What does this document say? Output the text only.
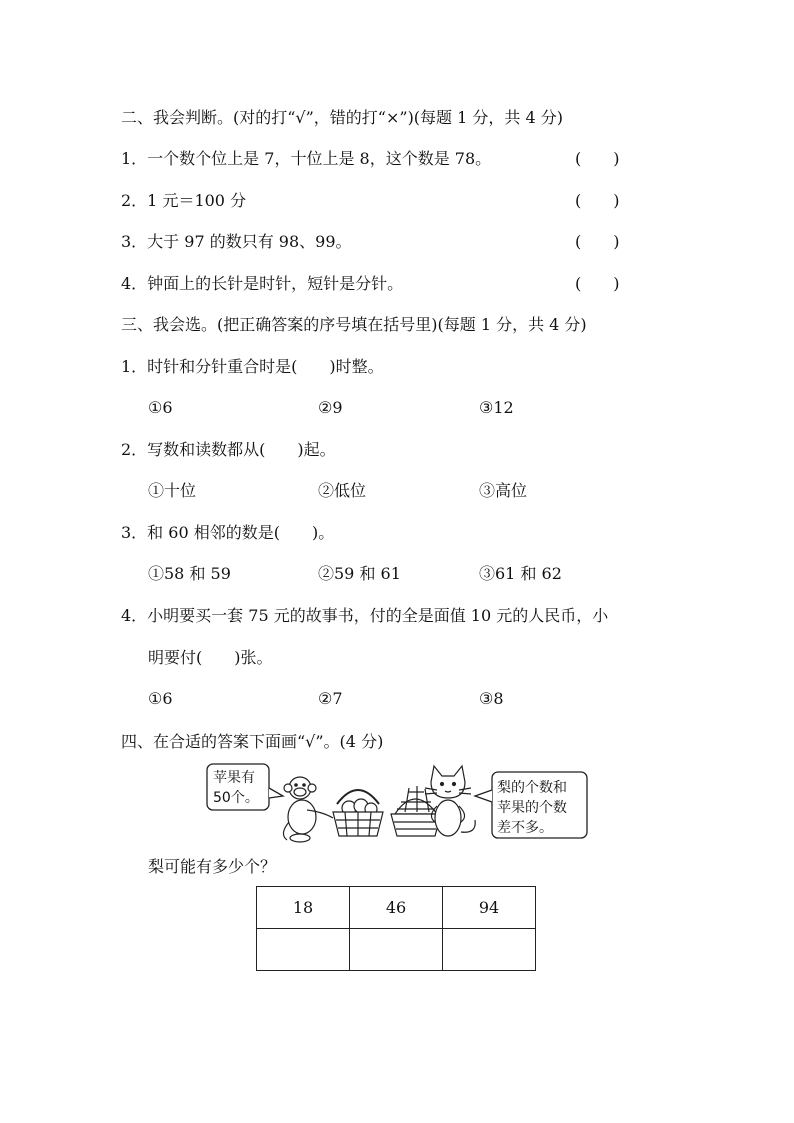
二、我会判断。(对的打“√”，错的打“×”)(每题 1 分，共 4 分)
1．一个数个位上是 7，十位上是 8，这个数是 78。	(　　)
2．1 元＝100 分	(　　)
3．大于 97 的数只有 98、99。	(　　)
4．钟面上的长针是时针，短针是分针。	(　　)
三、我会选。(把正确答案的序号填在括号里)(每题 1 分，共 4 分)
1．时针和分针重合时是(　　)时整。
①6	②9	③12
2．写数和读数都从(　　)起。
①十位	②低位	③高位
3．和 60 相邻的数是(　　)。
①58 和 59	②59 和 61	③61 和 62
4．小明要买一套 75 元的故事书，付的全是面值 10 元的人民币，小
明要付(　　)张。
①6	②7	③8
四、在合适的答案下面画“√”。(4 分)
苹果有
50个。
梨的个数和
苹果的个数
差不多。
梨可能有多少个？
18	46	94
